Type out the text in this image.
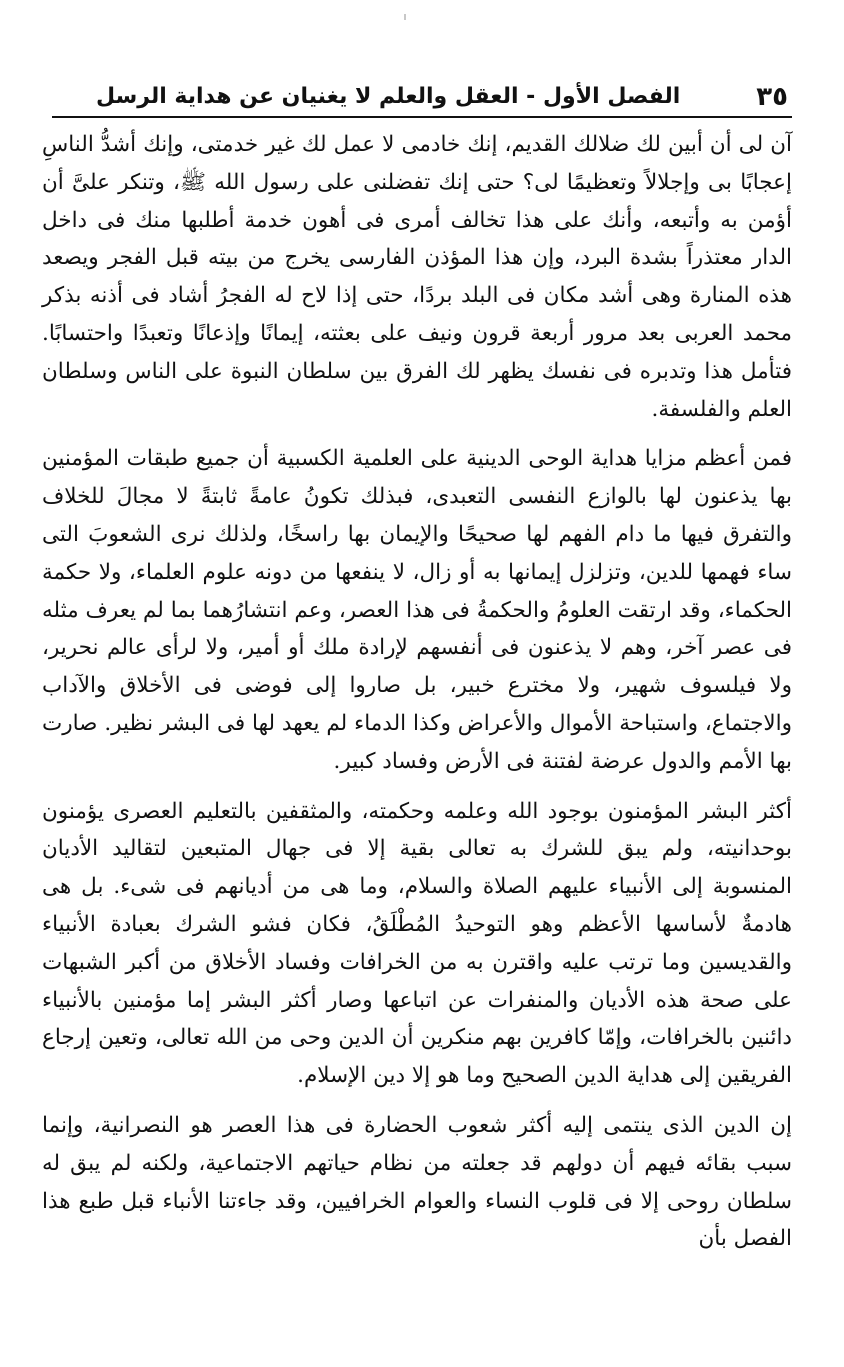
٣٥
الفصل الأول - العقل والعلم لا يغنيان عن هداية الرسل

آن لى أن أبين لك ضلالك القديم، إنك خادمى لا عمل لك غير خدمتى، وإنك أشدُّ الناسِ إعجابًا بى وإجلالاً وتعظيمًا لى؟ حتى إنك تفضلنى على رسول الله ﷺ، وتنكر علىَّ أن أؤمن به وأتبعه، وأنك على هذا تخالف أمرى فى أهون خدمة أطلبها منك فى داخل الدار معتذراً بشدة البرد، وإن هذا المؤذن الفارسى يخرج من بيته قبل الفجر ويصعد هذه المنارة وهى أشد مكان فى البلد بردًا، حتى إذا لاح له الفجرُ أشاد فى أذنه بذكر محمد العربى بعد مرور أربعة قرون ونيف على بعثته، إيمانًا وإذعانًا وتعبدًا واحتسابًا. فتأمل هذا وتدبره فى نفسك يظهر لك الفرق بين سلطان النبوة على الناس وسلطان العلم والفلسفة.

فمن أعظم مزايا هداية الوحى الدينية على العلمية الكسبية أن جميع طبقات المؤمنين بها يذعنون لها بالوازع النفسى التعبدى، فبذلك تكونُ عامةً ثابتةً لا مجالَ للخلاف والتفرق فيها ما دام الفهم لها صحيحًا والإيمان بها راسخًا، ولذلك نرى الشعوبَ التى ساء فهمها للدين، وتزلزل إيمانها به أو زال، لا ينفعها من دونه علوم العلماء، ولا حكمة الحكماء، وقد ارتقت العلومُ والحكمةُ فى هذا العصر، وعم انتشارُهما بما لم يعرف مثله فى عصر آخر، وهم لا يذعنون فى أنفسهم لإرادة ملك أو أمير، ولا لرأى عالم نحرير، ولا فيلسوف شهير، ولا مخترع خبير، بل صاروا إلى فوضى فى الأخلاق والآداب والاجتماع، واستباحة الأموال والأعراض وكذا الدماء لم يعهد لها فى البشر نظير. صارت بها الأمم والدول عرضة لفتنة فى الأرض وفساد كبير.

أكثر البشر المؤمنون بوجود الله وعلمه وحكمته، والمثقفين بالتعليم العصرى يؤمنون بوحدانيته، ولم يبق للشرك به تعالى بقية إلا فى جهال المتبعين لتقاليد الأديان المنسوبة إلى الأنبياء عليهم الصلاة والسلام، وما هى من أديانهم فى شىء. بل هى هادمةٌ لأساسها الأعظم وهو التوحيدُ المُطْلَقُ، فكان فشو الشرك بعبادة الأنبياء والقديسين وما ترتب عليه واقترن به من الخرافات وفساد الأخلاق من أكبر الشبهات على صحة هذه الأديان والمنفرات عن اتباعها وصار أكثر البشر إما مؤمنين بالأنبياء دائنين بالخرافات، وإمّا كافرين بهم منكرين أن الدين وحى من الله تعالى، وتعين إرجاع الفريقين إلى هداية الدين الصحيح وما هو إلا دين الإسلام.

إن الدين الذى ينتمى إليه أكثر شعوب الحضارة فى هذا العصر هو النصرانية، وإنما سبب بقائه فيهم أن دولهم قد جعلته من نظام حياتهم الاجتماعية، ولكنه لم يبق له سلطان روحى إلا فى قلوب النساء والعوام الخرافيين، وقد جاءتنا الأنباء قبل طبع هذا الفصل بأن
